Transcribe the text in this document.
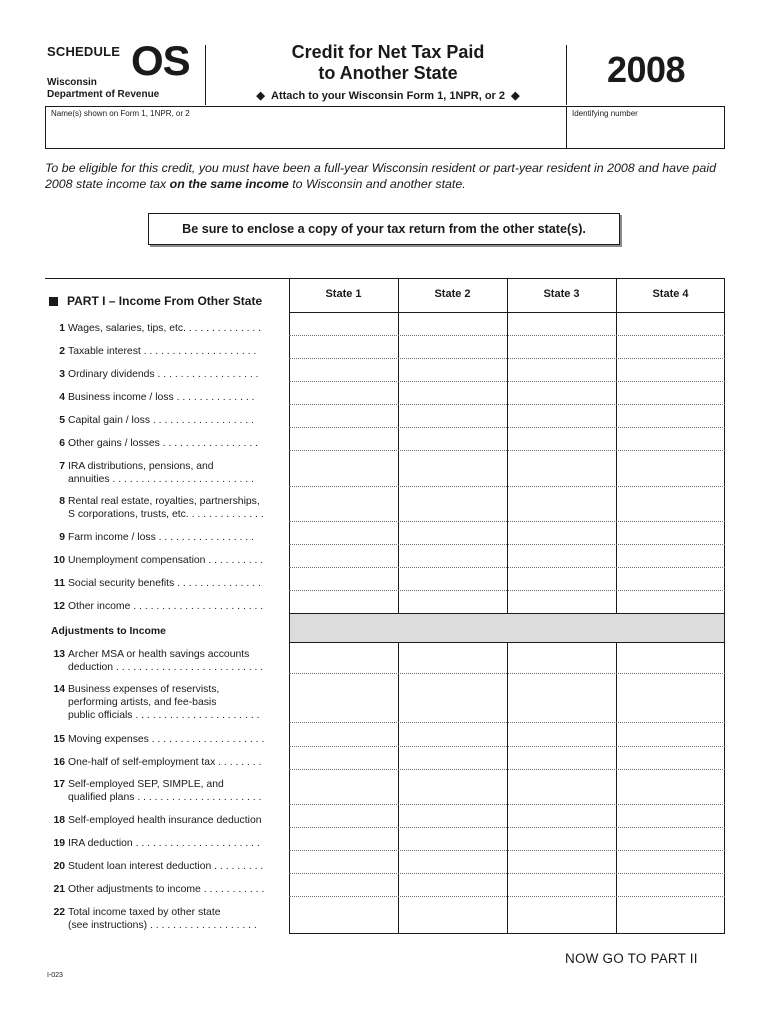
SCHEDULE OS
Wisconsin
Department of Revenue
Credit for Net Tax Paid
to Another State
◆ Attach to your Wisconsin Form 1, 1NPR, or 2 ◆
2008
Name(s) shown on Form 1, 1NPR, or 2	Identifying number
To be eligible for this credit, you must have been a full-year Wisconsin resident or part-year resident in 2008 and have paid 2008 state income tax on the same income to Wisconsin and another state.
Be sure to enclose a copy of your tax return from the other state(s).
PART I – Income From Other State	State 1	State 2	State 3	State 4
1 Wages, salaries, tips, etc. . . . . . . . . . . . . .
2 Taxable interest . . . . . . . . . . . . . . . . . . . .
3 Ordinary dividends . . . . . . . . . . . . . . . . . .
4 Business income / loss . . . . . . . . . . . . . .
5 Capital gain / loss . . . . . . . . . . . . . . . . . .
6 Other gains / losses . . . . . . . . . . . . . . . . .
7 IRA distributions, pensions, and
annuities . . . . . . . . . . . . . . . . . . . . . . . . .
8 Rental real estate, royalties, partnerships,
S corporations, trusts, etc. . . . . . . . . . . . . .
9 Farm income / loss . . . . . . . . . . . . . . . . .
10 Unemployment compensation . . . . . . . . . .
11 Social security benefits . . . . . . . . . . . . . . .
12 Other income . . . . . . . . . . . . . . . . . . . . . . .
Adjustments to Income
13 Archer MSA or health savings accounts
deduction . . . . . . . . . . . . . . . . . . . . . . . . . .
14 Business expenses of reservists,
performing artists, and fee-basis
public officials . . . . . . . . . . . . . . . . . . . . . .
15 Moving expenses . . . . . . . . . . . . . . . . . . . .
16 One-half of self-employment tax . . . . . . . .
17 Self-employed SEP, SIMPLE, and
qualified plans . . . . . . . . . . . . . . . . . . . . . .
18 Self-employed health insurance deduction
19 IRA deduction . . . . . . . . . . . . . . . . . . . . . .
20 Student loan interest deduction . . . . . . . . .
21 Other adjustments to income . . . . . . . . . . .
22 Total income taxed by other state
(see instructions) . . . . . . . . . . . . . . . . . . .
NOW GO TO PART II
I-023
